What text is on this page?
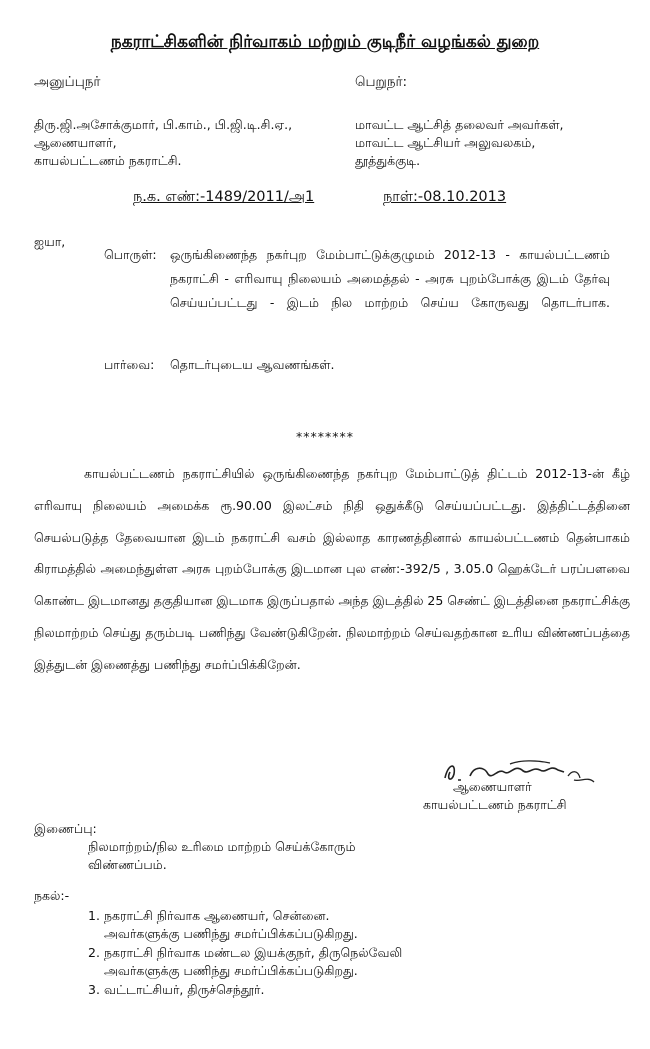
நகராட்சிகளின் நிர்வாகம் மற்றும் குடிநீர் வழங்கல் துறை
அனுப்புநர்	பெறுநர்:
திரு.ஜி.அசோக்குமார், பி.காம்., பி.ஜி.டி.சி.ஏ.,
ஆணையாளர்,
காயல்பட்டணம் நகராட்சி.
மாவட்ட ஆட்சித் தலைவர் அவர்கள்,
மாவட்ட ஆட்சியர் அலுவலகம்,
தூத்துக்குடி.
ந.க. எண்:-1489/2011/அ1	நாள்:-08.10.2013
ஐயா,
பொருள்: ஒருங்கிணைந்த நகர்புற மேம்பாட்டுக்குழுமம் 2012-13 - காயல்பட்டணம் நகராட்சி - எரிவாயு நிலையம் அமைத்தல் - அரசு புறம்போக்கு இடம் தேர்வு செய்யப்பட்டது - இடம் நில மாற்றம் செய்ய கோருவது தொடர்பாக.
பார்வை: தொடர்புடைய ஆவணங்கள்.
********

காயல்பட்டணம் நகராட்சியில் ஒருங்கிணைந்த நகர்புற மேம்பாட்டுத் திட்டம் 2012-13-ன் கீழ் எரிவாயு நிலையம் அமைக்க ரூ.90.00 இலட்சம் நிதி ஒதுக்கீடு செய்யப்பட்டது. இத்திட்டத்தினை செயல்படுத்த தேவையான இடம் நகராட்சி வசம் இல்லாத காரணத்தினால் காயல்பட்டணம் தென்பாகம் கிராமத்தில் அமைந்துள்ள அரசு புறம்போக்கு இடமான புல எண்:-392/5 , 3.05.0 ஹெக்டேர் பரப்பளவை கொண்ட இடமானது தகுதியான இடமாக இருப்பதால் அந்த இடத்தில் 25 செண்ட் இடத்தினை நகராட்சிக்கு நிலமாற்றம் செய்து தரும்படி பணிந்து வேண்டுகிறேன். நிலமாற்றம் செய்வதற்கான உரிய விண்ணப்பத்தை இத்துடன் இணைத்து பணிந்து சமர்ப்பிக்கிறேன்.

ஆணையாளர்
காயல்பட்டணம் நகராட்சி
இணைப்பு:
நிலமாற்றம்/நில உரிமை மாற்றம் செய்க்கோரும்
விண்ணப்பம்.
நகல்:-
1. நகராட்சி நிர்வாக ஆணையர், சென்னை.
அவர்களுக்கு பணிந்து சமர்ப்பிக்கப்படுகிறது.
2. நகராட்சி நிர்வாக மண்டல இயக்குநர், திருநெல்வேலி
அவர்களுக்கு பணிந்து சமர்ப்பிக்கப்படுகிறது.
3. வட்டாட்சியர், திருச்செந்தூர்.
